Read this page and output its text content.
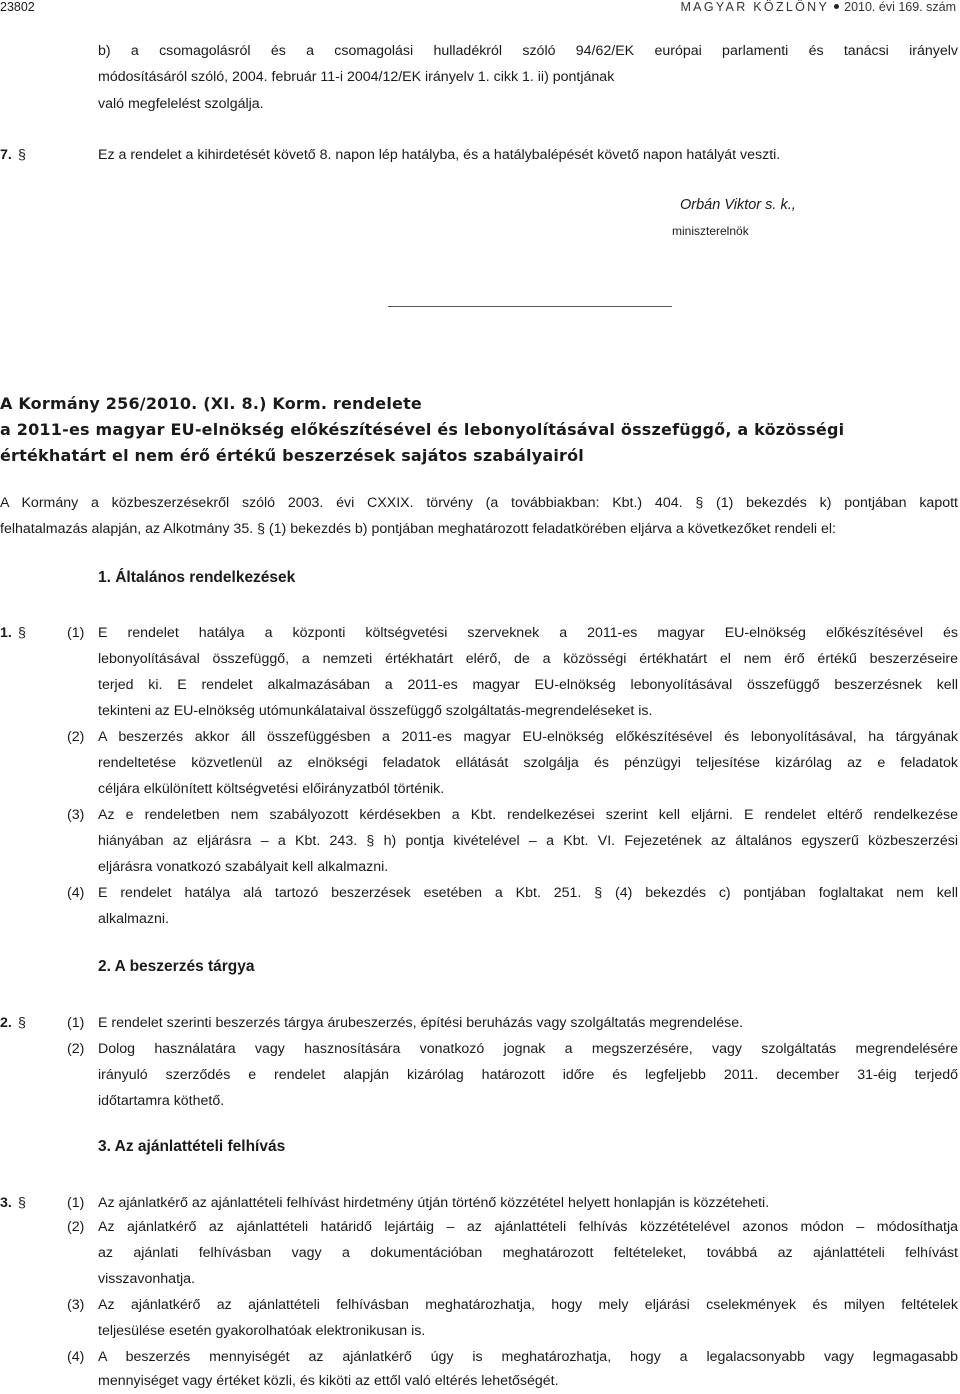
23802	MAGYAR KÖZLÖNY 2010. évi 169. szám
b) a csomagolásról és a csomagolási hulladékról szóló 94/62/EK európai parlamenti és tanácsi irányelv
módosításáról szóló, 2004. február 11-i 2004/12/EK irányelv 1. cikk 1. ii) pontjának
való megfelelést szolgálja.
7. §	Ez a rendelet a kihirdetését követő 8. napon lép hatályba, és a hatálybalépését követő napon hatályát veszti.
Orbán Viktor s. k.,
miniszterelnök
A Kormány 256/2010. (XI. 8.) Korm. rendelete
a 2011-es magyar EU-elnökség előkészítésével és lebonyolításával összefüggő, a közösségi
értékhatárt el nem érő értékű beszerzések sajátos szabályairól
A Kormány a közbeszerzésekről szóló 2003. évi CXXIX. törvény (a továbbiakban: Kbt.) 404. § (1) bekezdés k) pontjában kapott
felhatalmazás alapján, az Alkotmány 35. § (1) bekezdés b) pontjában meghatározott feladatkörében eljárva a következőket rendeli el:
1. Általános rendelkezések
1. §	(1) E rendelet hatálya a központi költségvetési szerveknek a 2011-es magyar EU-elnökség előkészítésével és
lebonyolításával összefüggő, a nemzeti értékhatárt elérő, de a közösségi értékhatárt el nem érő értékű beszerzéseire
terjed ki. E rendelet alkalmazásában a 2011-es magyar EU-elnökség lebonyolításával összefüggő beszerzésnek kell
tekinteni az EU-elnökség utómunkálataival összefüggő szolgáltatás-megrendeléseket is.
(2) A beszerzés akkor áll összefüggésben a 2011-es magyar EU-elnökség előkészítésével és lebonyolításával, ha tárgyának
rendeltetése közvetlenül az elnökségi feladatok ellátását szolgálja és pénzügyi teljesítése kizárólag az e feladatok
céljára elkülönített költségvetési előirányzatból történik.
(3) Az e rendeletben nem szabályozott kérdésekben a Kbt. rendelkezései szerint kell eljárni. E rendelet eltérő rendelkezése
hiányában az eljárásra – a Kbt. 243. § h) pontja kivételével – a Kbt. VI. Fejezetének az általános egyszerű közbeszerzési
eljárásra vonatkozó szabályait kell alkalmazni.
(4) E rendelet hatálya alá tartozó beszerzések esetében a Kbt. 251. § (4) bekezdés c) pontjában foglaltakat nem kell
alkalmazni.
2. A beszerzés tárgya
2. §	(1) E rendelet szerinti beszerzés tárgya árubeszerzés, építési beruházás vagy szolgáltatás megrendelése.
(2) Dolog használatára vagy hasznosítására vonatkozó jognak a megszerzésére, vagy szolgáltatás megrendelésére
irányuló szerződés e rendelet alapján kizárólag határozott időre és legfeljebb 2011. december 31-éig terjedő
időtartamra köthető.
3. Az ajánlattételi felhívás
3. §	(1) Az ajánlatkérő az ajánlattételi felhívást hirdetmény útján történő közzététel helyett honlapján is közzéteheti.
(2) Az ajánlatkérő az ajánlattételi határidő lejártáig – az ajánlattételi felhívás közzétételével azonos módon – módosíthatja
az ajánlati felhívásban vagy a dokumentációban meghatározott feltételeket, továbbá az ajánlattételi felhívást
visszavonhatja.
(3) Az ajánlatkérő az ajánlattételi felhívásban meghatározhatja, hogy mely eljárási cselekmények és milyen feltételek
teljesülése esetén gyakorolhatóak elektronikusan is.
(4) A beszerzés mennyiségét az ajánlatkérő úgy is meghatározhatja, hogy a legalacsonyabb vagy legmagasabb
mennyiséget vagy értéket közli, és kiköti az ettől való eltérés lehetőségét.
